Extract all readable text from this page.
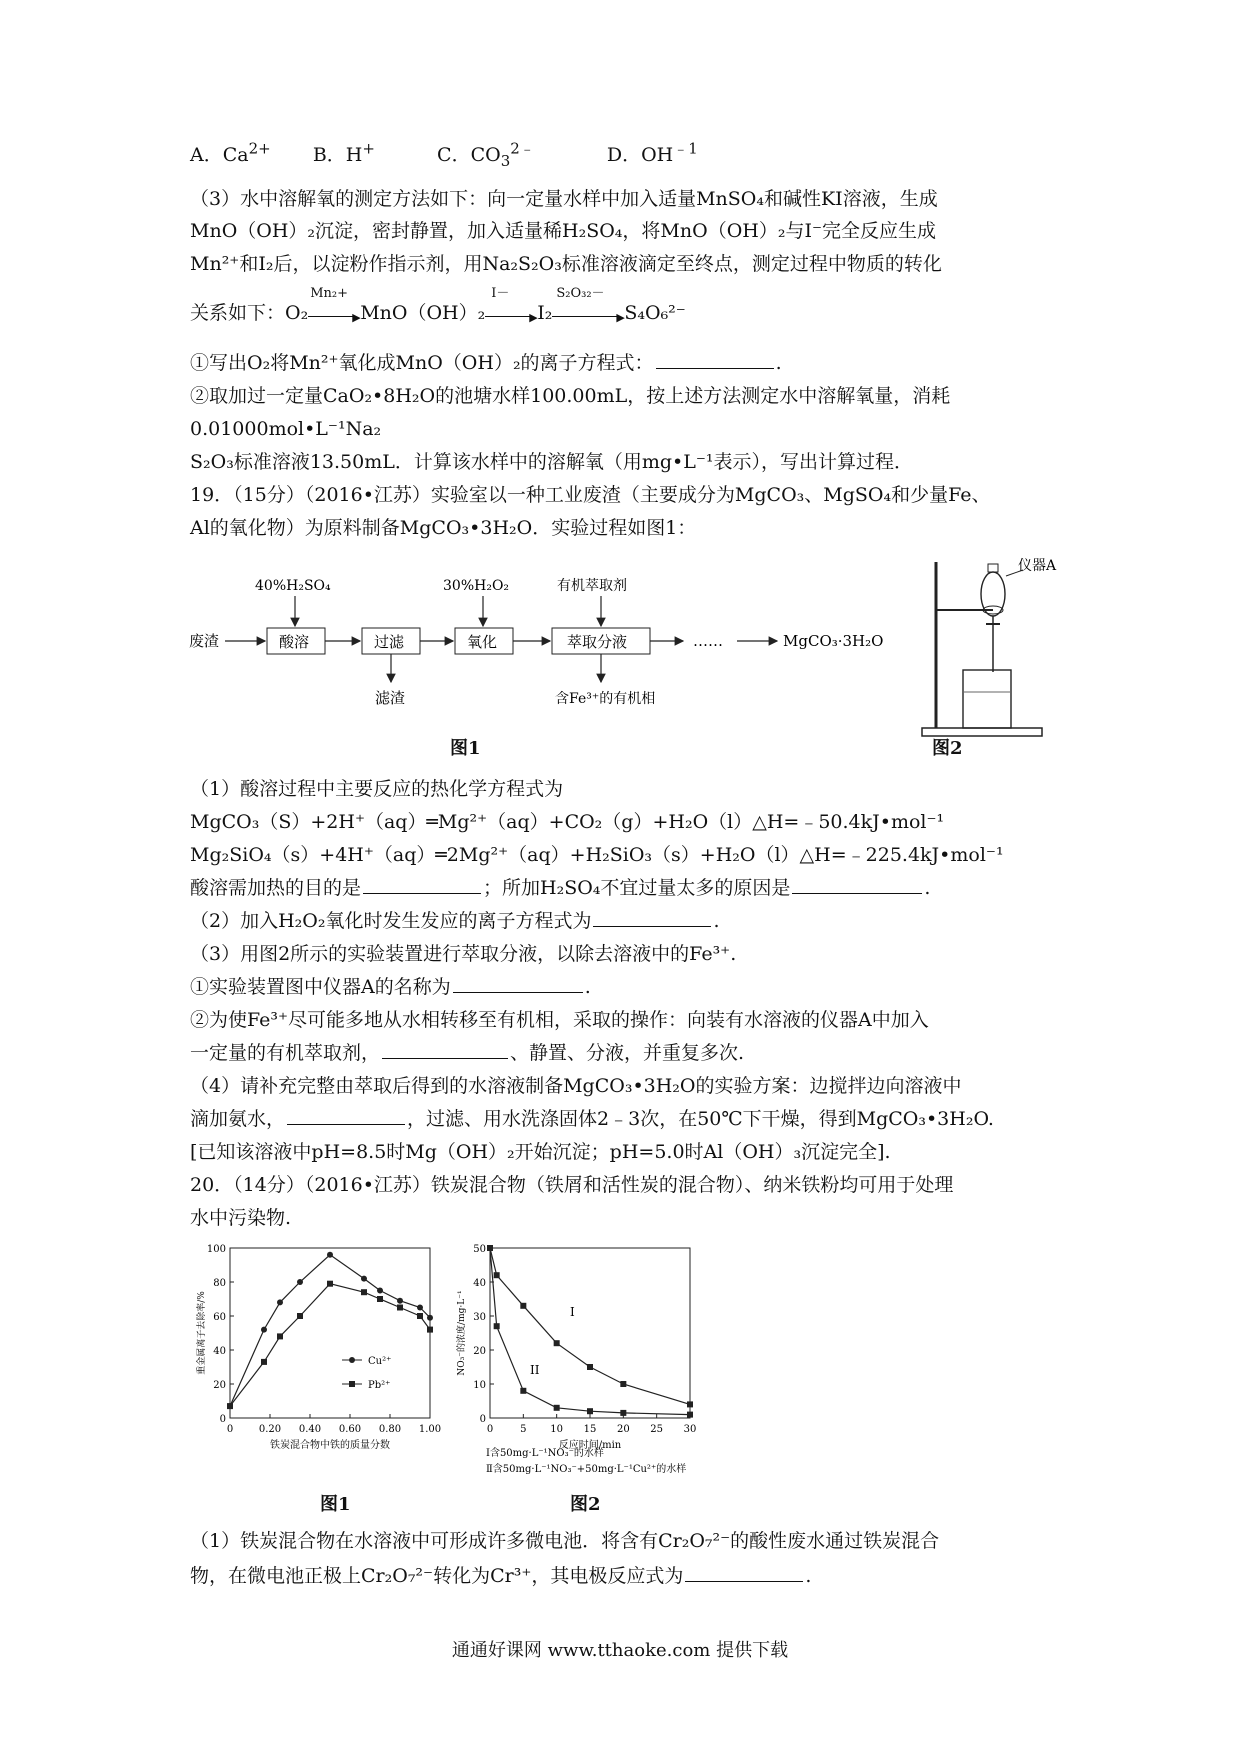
A．$Ca^{2+}$ B．H+	C．$CO_3^{2﹣}$	D．$OH^{﹣1}$
（3）水中溶解氧的测定方法如下：向一定量水样中加入适量MnSO₄和碱性KI溶液，生成
MnO（OH）₂沉淀，密封静置，加入适量稀H₂SO₄，将MnO（OH）₂与I⁻完全反应生成
Mn²⁺和I₂后，以淀粉作指示剂，用Na₂S₂O₃标准溶液滴定至终点，测定过程中物质的转化
关系如下：O₂
Mn₂+
▶ MnO（OH）₂
I－
▶ I₂
S₂O₃₂－
▶ S₄O₆²⁻
①写出O₂将Mn²⁺氧化成MnO（OH）₂的离子方程式：	.
②取加过一定量CaO₂•8H₂O的池塘水样100.00mL，按上述方法测定水中溶解氧量，消耗
0.01000mol•L⁻¹Na₂
S₂O₃标准溶液13.50mL．计算该水样中的溶解氧（用mg•L⁻¹表示），写出计算过程．
19．（15分）（2016•江苏）实验室以一种工业废渣（主要成分为MgCO₃、MgSO₄和少量Fe、
Al的氧化物）为原料制备MgCO₃•3H₂O．实验过程如图1：
废渣
40%H₂SO₄
酸溶	过滤
滤渣
30%H₂O₂
氧化
有机萃取剂
萃取分液
含Fe³⁺的有机相
……	MgCO₃·3H₂O
仪器A
图1	图2
（1）酸溶过程中主要反应的热化学方程式为
MgCO₃（S）+2H⁺（aq）═Mg²⁺（aq）+CO₂（g）+H₂O（l）△H=﹣50.4kJ•mol⁻¹
Mg₂SiO₄（s）+4H⁺（aq）═2Mg²⁺（aq）+H₂SiO₃（s）+H₂O（l）△H=﹣225.4kJ•mol⁻¹
酸溶需加热的目的是	；所加H₂SO₄不宜过量太多的原因是	.
（2）加入H₂O₂氧化时发生发应的离子方程式为	.
（3）用图2所示的实验装置进行萃取分液，以除去溶液中的Fe³⁺.
①实验装置图中仪器A的名称为	.
②为使Fe³⁺尽可能多地从水相转移至有机相，采取的操作：向装有水溶液的仪器A中加入
一定量的有机萃取剂，	、静置、分液，并重复多次.
（4）请补充完整由萃取后得到的水溶液制备MgCO₃•3H₂O的实验方案：边搅拌边向溶液中
滴加氨水，	，过滤、用水洗涤固体2﹣3次，在50℃下干燥，得到MgCO₃•3H₂O.
[已知该溶液中pH=8.5时Mg（OH）₂开始沉淀；pH=5.0时Al（OH）₃沉淀完全].
20．（14分）（2016•江苏）铁炭混合物（铁屑和活性炭的混合物）、纳米铁粉均可用于处理
水中污染物.
0
20
40
60
80
100
0	0.20 0.40 0.60 0.80 1.00
铁炭混合物中铁的质量分数
重金属离子去除率/%	Cu²⁺
Pb²⁺
0
10
20
30
40
50
0	5 10 15 20 25 30
反应时间/min
NO₃⁻的浓度/mg·L⁻¹	I
II
Ⅰ含50mg·L⁻¹NO₃⁻的水样
Ⅱ含50mg·L⁻¹NO₃⁻+50mg·L⁻¹Cu²⁺的水样
图1	图2
（1）铁炭混合物在水溶液中可形成许多微电池．将含有Cr₂O₇²⁻的酸性废水通过铁炭混合
物，在微电池正极上Cr₂O₇²⁻转化为Cr³⁺，其电极反应式为	.
通通好课网 www.tthaoke.com 提供下载
